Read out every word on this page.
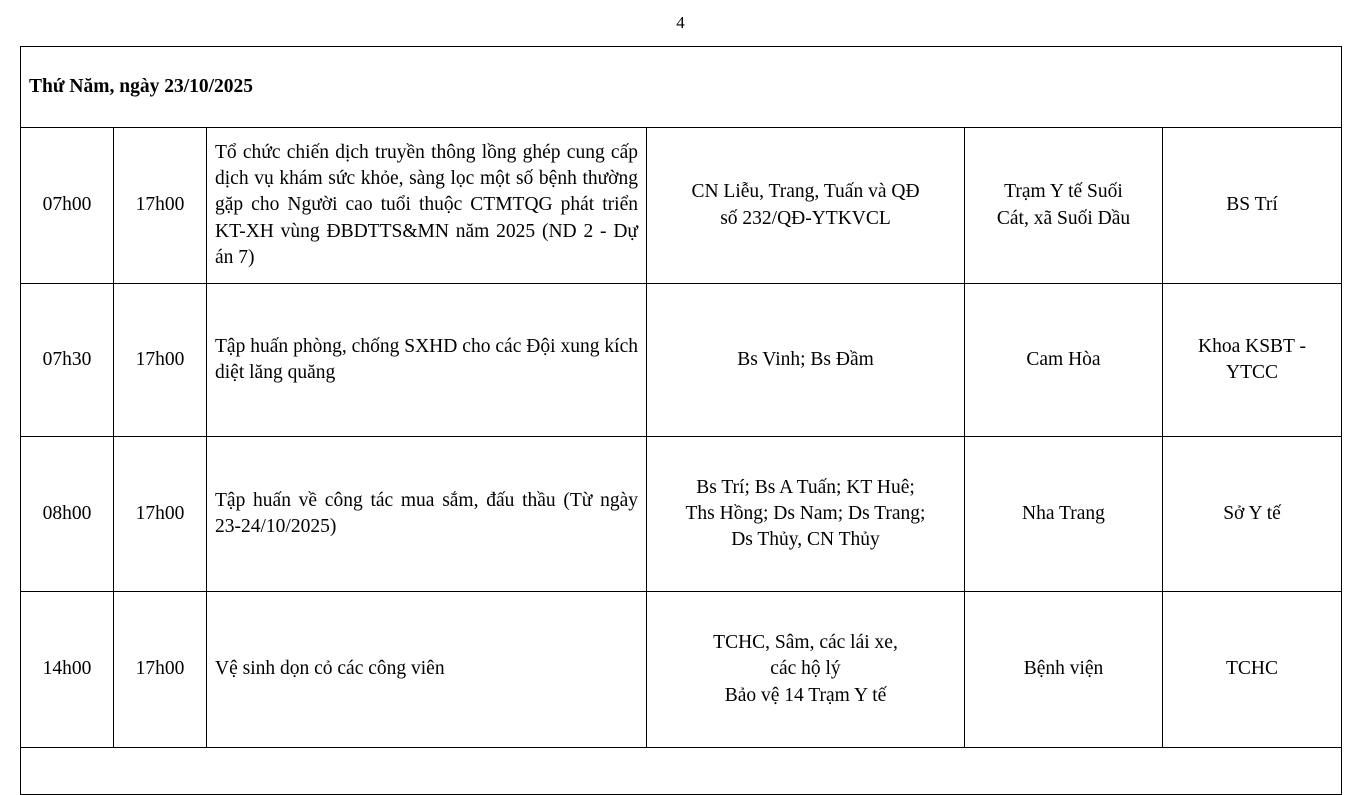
4
Thứ Năm, ngày 23/10/2025					
07h00	17h00	Tổ chức chiến dịch truyền thông lồng ghép cung cấp dịch vụ khám sức khỏe, sàng lọc một số bệnh thường gặp cho Người cao tuổi thuộc CTMTQG phát triển KT-XH vùng ĐBDTTS&MN năm 2025 (ND 2 - Dự án 7)	CN Liễu, Trang, Tuấn và QĐ
số 232/QĐ-YTKVCL	Trạm Y tế Suối
Cát, xã Suối Dầu	BS Trí

07h30	17h00	Tập huấn phòng, chống SXHD cho các Đội xung kích diệt lăng quăng	Bs Vinh; Bs Đầm	Cam Hòa	Khoa KSBT -
YTCC

08h00	17h00	Tập huấn về công tác mua sắm, đấu thầu (Từ ngày 23-24/10/2025)	Bs Trí; Bs A Tuấn; KT Huê;
Ths Hồng; Ds Nam; Ds Trang;
Ds Thủy, CN Thủy	Nha Trang	Sở Y tế

14h00	17h00	Vệ sinh dọn cỏ các công viên	TCHC, Sâm, các lái xe,
các hộ lý
Bảo vệ 14 Trạm Y tế	Bệnh viện	TCHC
